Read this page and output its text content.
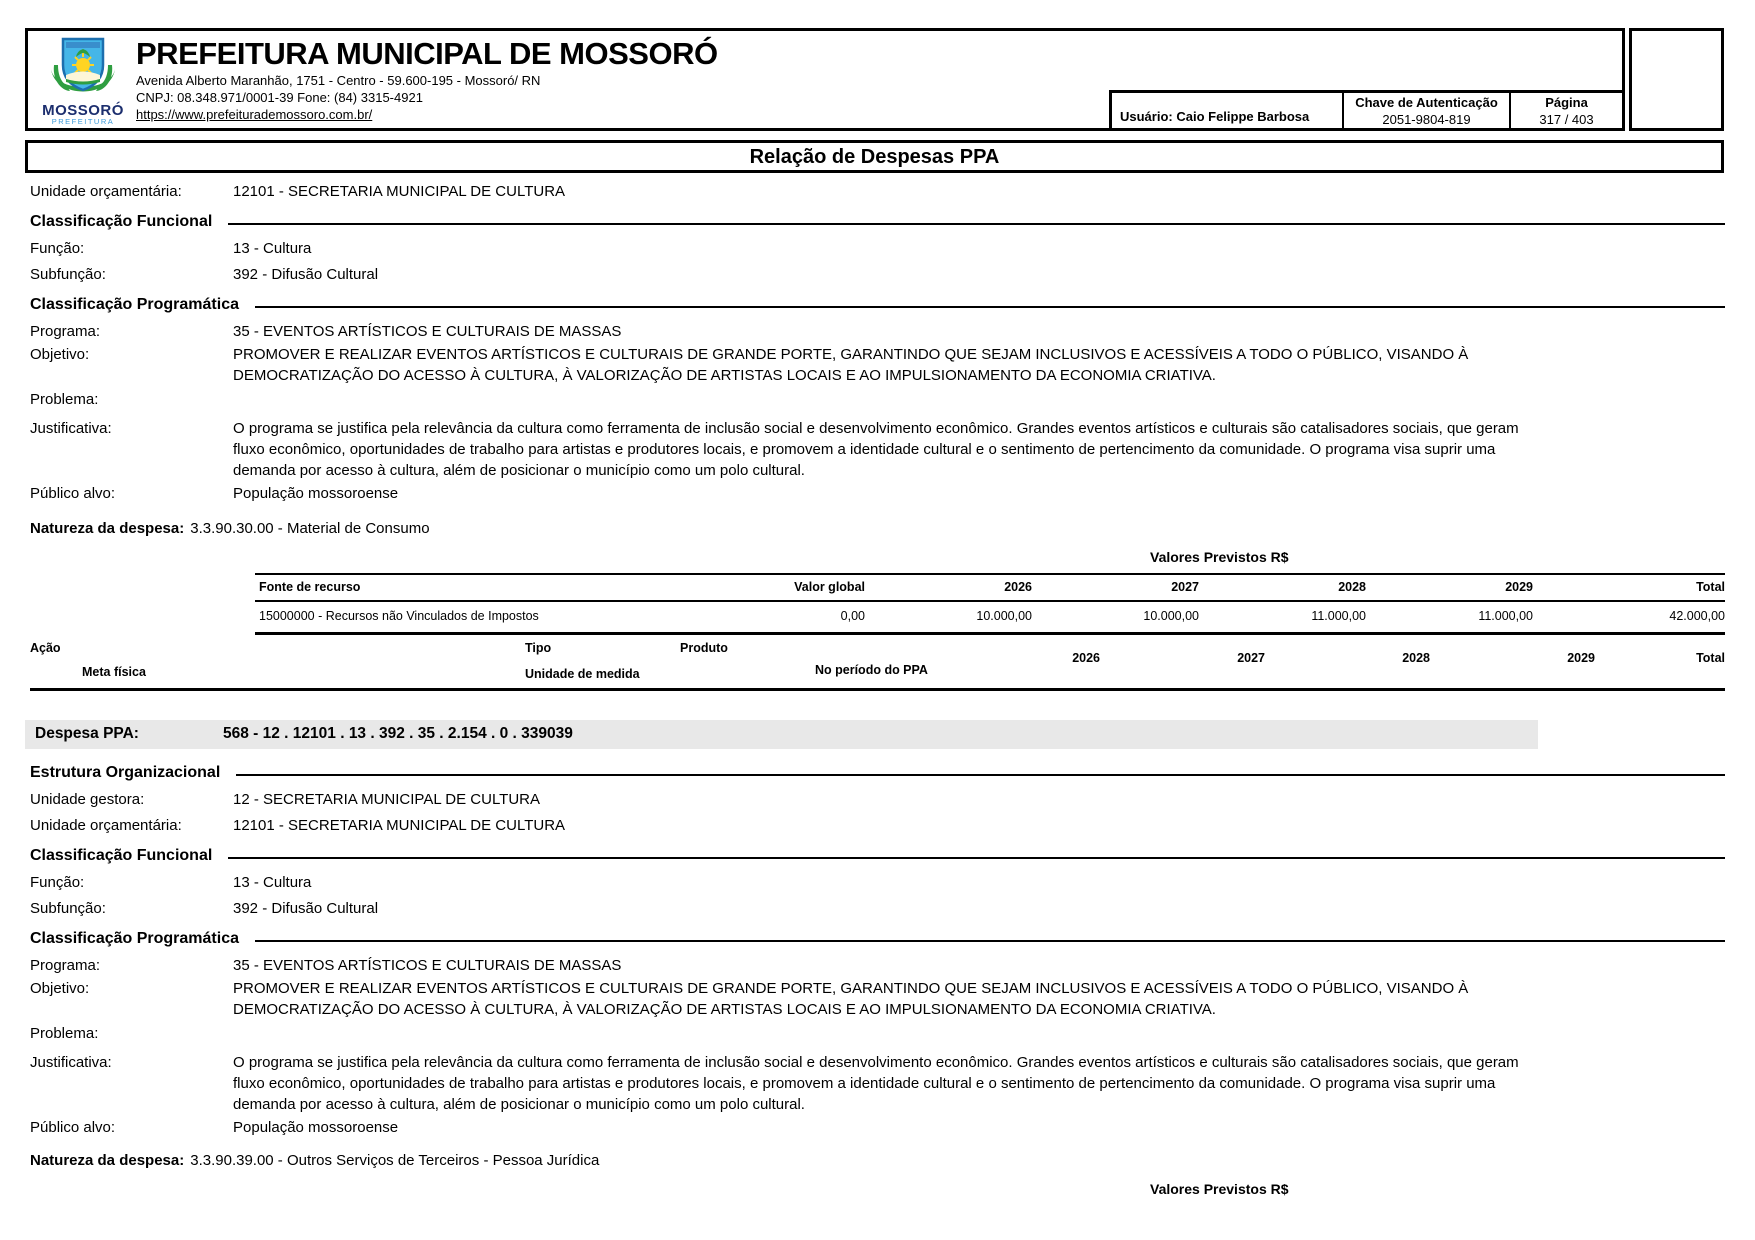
MOSSORÓ
PREFEITURA
PREFEITURA MUNICIPAL DE MOSSORÓ
Avenida Alberto Maranhão, 1751 - Centro - 59.600-195 - Mossoró/ RN
CNPJ: 08.348.971/0001-39 Fone: (84) 3315-4921
https://www.prefeiturademossoro.com.br/	Usuário: Caio Felippe Barbosa
Chave de Autenticação
2051-9804-819
Página
317 / 403
Relação de Despesas PPA
Unidade orçamentária:	12101 - SECRETARIA MUNICIPAL DE CULTURA
Classificação Funcional
Função:	13 - Cultura
Subfunção:	392 - Difusão Cultural
Classificação Programática
Programa:	35 - EVENTOS ARTÍSTICOS E CULTURAIS DE MASSAS
Objetivo:	PROMOVER E REALIZAR EVENTOS ARTÍSTICOS E CULTURAIS DE GRANDE PORTE, GARANTINDO QUE SEJAM INCLUSIVOS E ACESSÍVEIS A TODO O PÚBLICO, VISANDO À DEMOCRATIZAÇÃO DO ACESSO À CULTURA, À VALORIZAÇÃO DE ARTISTAS LOCAIS E AO IMPULSIONAMENTO DA ECONOMIA CRIATIVA.
Problema:
Justificativa:	O programa se justifica pela relevância da cultura como ferramenta de inclusão social e desenvolvimento econômico. Grandes eventos artísticos e culturais são catalisadores sociais, que geram fluxo econômico, oportunidades de trabalho para artistas e produtores locais, e promovem a identidade cultural e o sentimento de pertencimento da comunidade. O programa visa suprir uma demanda por acesso à cultura, além de posicionar o município como um polo cultural.
Público alvo:	População mossoroense
Natureza da despesa: 3.3.90.30.00 - Material de Consumo
Valores Previstos R$
Fonte de recurso	Valor global	2026	2027	2028	2029	Total
15000000 - Recursos não Vinculados de Impostos	0,00	10.000,00	10.000,00	11.000,00	11.000,00	42.000,00
Ação	Tipo	Produto
Meta física	Unidade de medida	No período do PPA
2026	2027	2028	2029	Total
Despesa PPA:	568 - 12 . 12101 . 13 . 392 . 35 . 2.154 . 0 . 339039
Estrutura Organizacional
Unidade gestora:	12 - SECRETARIA MUNICIPAL DE CULTURA
Unidade orçamentária:	12101 - SECRETARIA MUNICIPAL DE CULTURA
Classificação Funcional
Função:	13 - Cultura
Subfunção:	392 - Difusão Cultural
Classificação Programática
Programa:	35 - EVENTOS ARTÍSTICOS E CULTURAIS DE MASSAS
Objetivo:	PROMOVER E REALIZAR EVENTOS ARTÍSTICOS E CULTURAIS DE GRANDE PORTE, GARANTINDO QUE SEJAM INCLUSIVOS E ACESSÍVEIS A TODO O PÚBLICO, VISANDO À DEMOCRATIZAÇÃO DO ACESSO À CULTURA, À VALORIZAÇÃO DE ARTISTAS LOCAIS E AO IMPULSIONAMENTO DA ECONOMIA CRIATIVA.
Problema:
Justificativa:	O programa se justifica pela relevância da cultura como ferramenta de inclusão social e desenvolvimento econômico. Grandes eventos artísticos e culturais são catalisadores sociais, que geram fluxo econômico, oportunidades de trabalho para artistas e produtores locais, e promovem a identidade cultural e o sentimento de pertencimento da comunidade. O programa visa suprir uma demanda por acesso à cultura, além de posicionar o município como um polo cultural.
Público alvo:	População mossoroense
Natureza da despesa: 3.3.90.39.00 - Outros Serviços de Terceiros - Pessoa Jurídica
Valores Previstos R$
